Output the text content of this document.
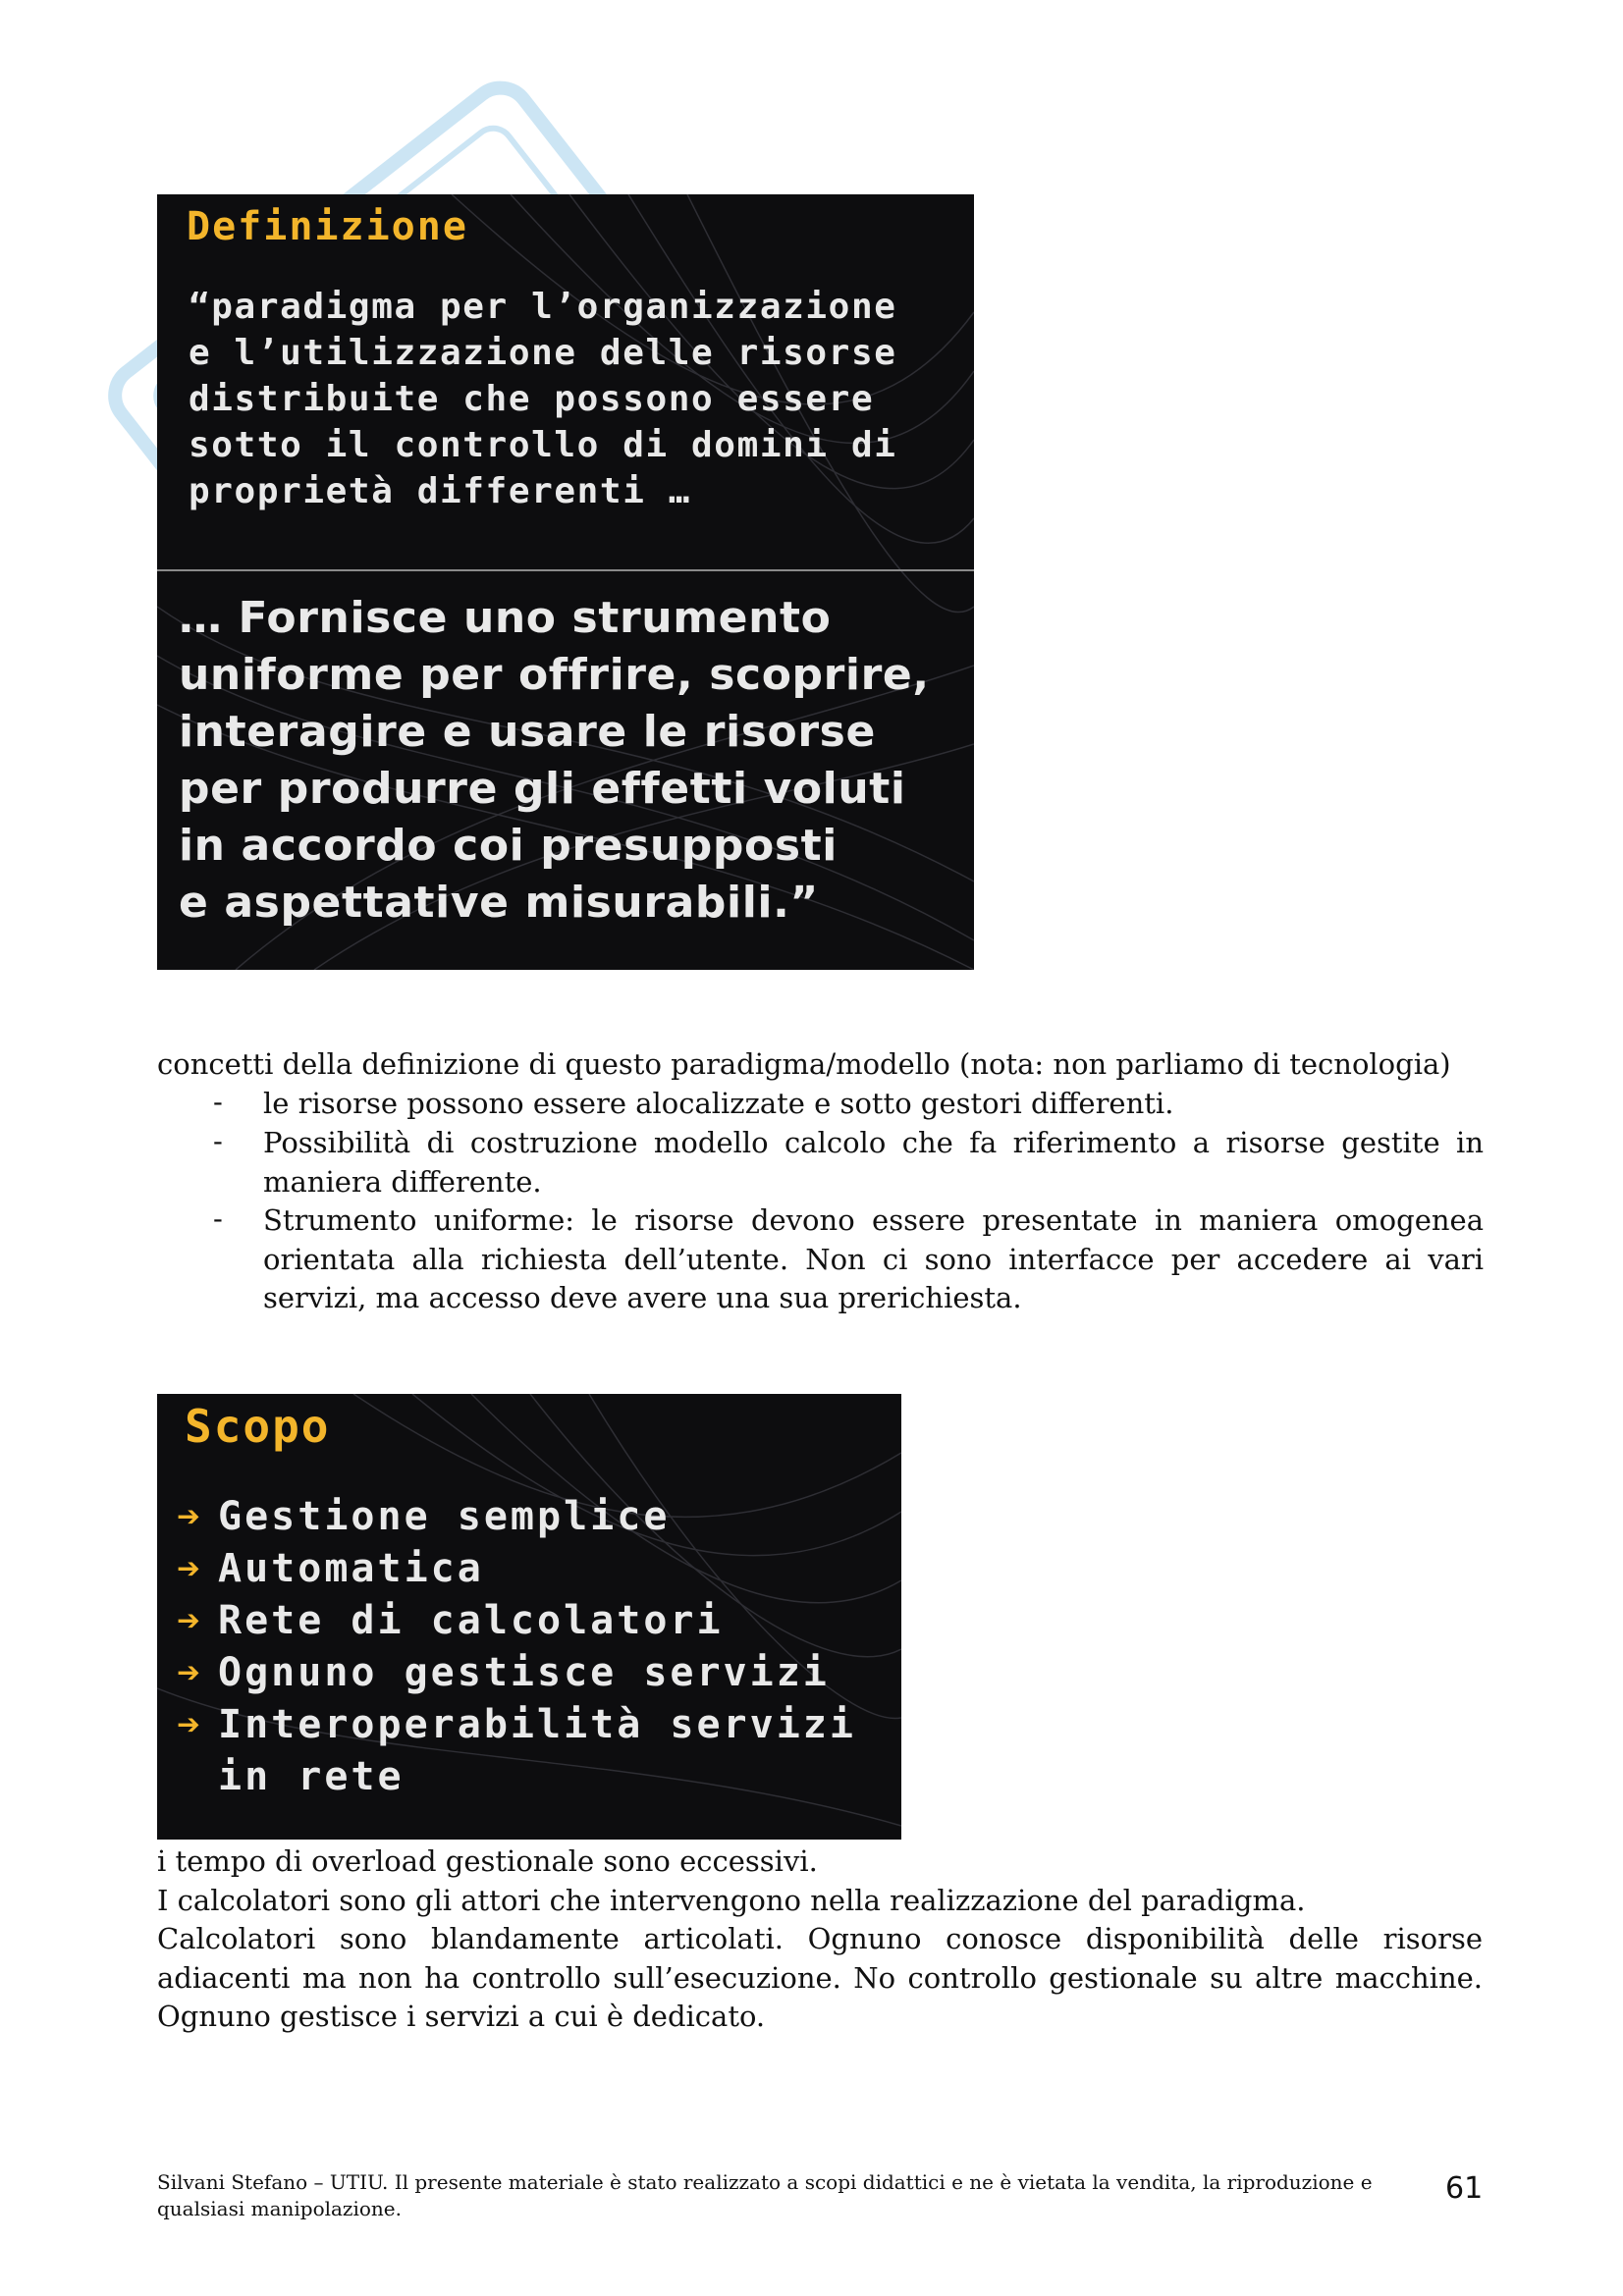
Definizione
“paradigma per l’organizzazione
e l’utilizzazione delle risorse
distribuite che possono essere
sotto il controllo di domini di
proprietà differenti …
… Fornisce uno strumento
uniforme per offrire, scoprire,
interagire e usare le risorse
per produrre gli effetti voluti
in accordo coi presupposti
e aspettative misurabili.”
concetti della definizione di questo paradigma/modello (nota: non parliamo di tecnologia)
- le risorse possono essere alocalizzate e sotto gestori differenti.
- Possibilità di costruzione modello calcolo che fa riferimento a risorse gestite in maniera differente.
- Strumento uniforme: le risorse devono essere presentate in maniera omogenea orientata alla richiesta dell’utente. Non ci sono interfacce per accedere ai vari servizi, ma accesso deve avere una sua prerichiesta.
Scopo
➔ Gestione semplice
➔ Automatica
➔ Rete di calcolatori
➔ Ognuno gestisce servizi
➔ Interoperabilità servizi
in rete
i tempo di overload gestionale sono eccessivi.
I calcolatori sono gli attori che intervengono nella realizzazione del paradigma.
Calcolatori sono blandamente articolati. Ognuno conosce disponibilità delle risorse adiacenti ma non ha controllo sull’esecuzione. No controllo gestionale su altre macchine. Ognuno gestisce i servizi a cui è dedicato.
Silvani Stefano – UTIU. Il presente materiale è stato realizzato a scopi didattici e ne è vietata la vendita, la riproduzione e qualsiasi manipolazione.
61
